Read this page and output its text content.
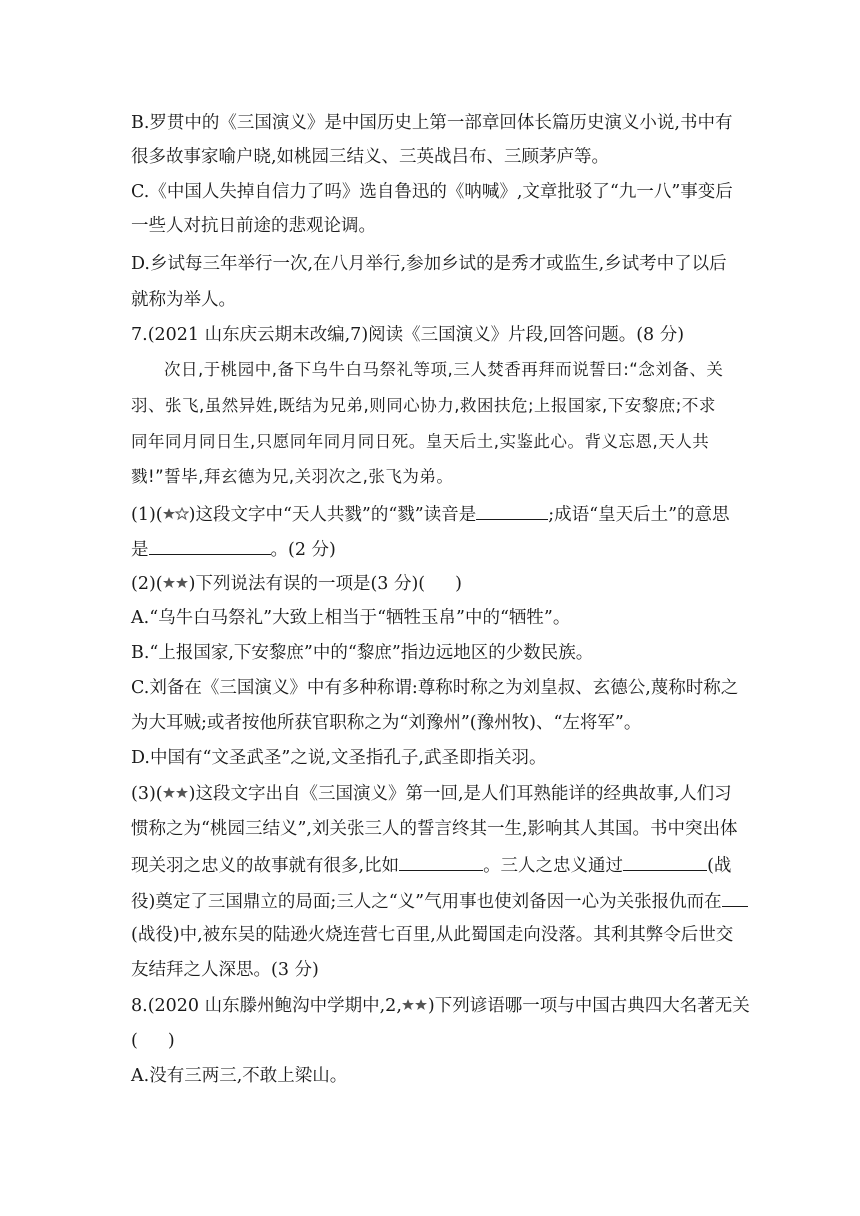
B.罗贯中的《三国演义》是中国历史上第一部章回体长篇历史演义小说,书中有
很多故事家喻户晓,如桃园三结义、三英战吕布、三顾茅庐等。
C.《中国人失掉自信力了吗》选自鲁迅的《呐喊》,文章批驳了“九一八”事变后
一些人对抗日前途的悲观论调。
D.乡试每三年举行一次,在八月举行,参加乡试的是秀才或监生,乡试考中了以后
就称为举人。
7.(2021 山东庆云期末改编,7)阅读《三国演义》片段,回答问题。(8 分)
次日,于桃园中,备下乌牛白马祭礼等项,三人焚香再拜而说誓曰:“念刘备、关
羽、张飞,虽然异姓,既结为兄弟,则同心协力,救困扶危;上报国家,下安黎庶;不求
同年同月同日生,只愿同年同月同日死。皇天后土,实鉴此心。背义忘恩,天人共
戮!”誓毕,拜玄德为兄,关羽次之,张飞为弟。
(1)( )这段文字中“天人共戮”的“戮”读音是	;成语“皇天后土”的意思
是	。(2 分)
(2)( )下列说法有误的一项是(3 分)( )
A.“乌牛白马祭礼”大致上相当于“牺牲玉帛”中的“牺牲”。
B.“上报国家,下安黎庶”中的“黎庶”指边远地区的少数民族。
C.刘备在《三国演义》中有多种称谓:尊称时称之为刘皇叔、玄德公,蔑称时称之
为大耳贼;或者按他所获官职称之为“刘豫州”(豫州牧)、“左将军”。
D.中国有“文圣武圣”之说,文圣指孔子,武圣即指关羽。
(3)( )这段文字出自《三国演义》第一回,是人们耳熟能详的经典故事,人们习
惯称之为“桃园三结义”,刘关张三人的誓言终其一生,影响其人其国。书中突出体
现关羽之忠义的故事就有很多,比如	。三人之忠义通过	(战
役)奠定了三国鼎立的局面;三人之“义”气用事也使刘备因一心为关张报仇而在
(战役)中,被东吴的陆逊火烧连营七百里,从此蜀国走向没落。其利其弊令后世交
友结拜之人深思。(3 分)
8.(2020 山东滕州鲍沟中学期中,2, )下列谚语哪一项与中国古典四大名著无关
( )
A.没有三两三,不敢上梁山。
